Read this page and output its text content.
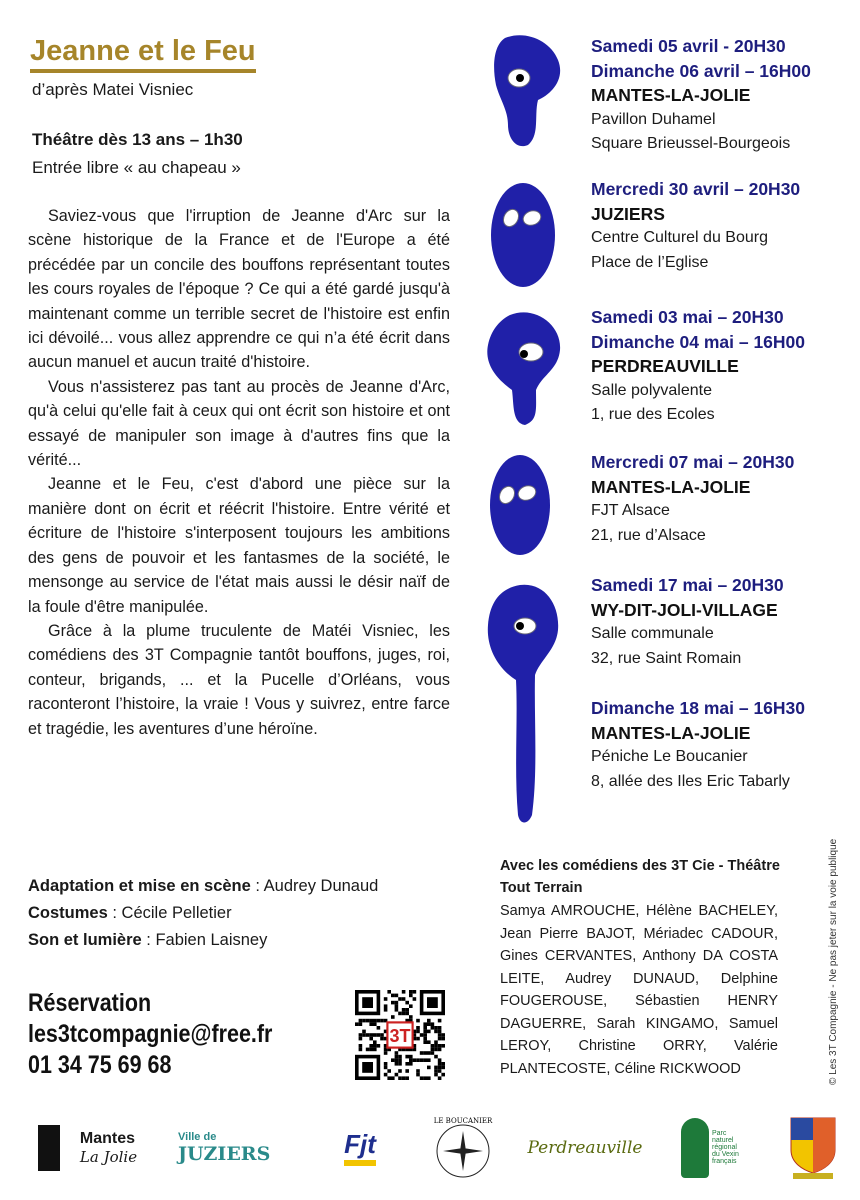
Jeanne et le Feu
d’après Matei Visniec
Théâtre dès 13 ans – 1h30
Entrée libre « au chapeau »

Saviez-vous que l'irruption de Jeanne d'Arc sur la scène historique de la France et de l'Europe a été précédée par un concile des bouffons représentant toutes les cours royales de l'époque ? Ce qui a été gardé jusqu'à maintenant comme un terrible secret de l'histoire est enfin ici dévoilé... vous allez apprendre ce qui n’a été écrit dans aucun manuel et aucun traité d'histoire.

Vous n'assisterez pas tant au procès de Jeanne d'Arc, qu'à celui qu'elle fait à ceux qui ont écrit son histoire et ont essayé de manipuler son image à d'autres fins que la vérité...

Jeanne et le Feu, c'est d'abord une pièce sur la manière dont on écrit et réécrit l'histoire. Entre vérité et écriture de l'histoire s'interposent toujours les ambitions des gens de pouvoir et les fantasmes de la société, le mensonge au service de l'état mais aussi le désir naïf de la foule d'être manipulée.

Grâce à la plume truculente de Matéi Visniec, les comédiens des 3T Compagnie tantôt bouffons, juges, roi, conteur, brigands, ... et la Pucelle d’Orléans, vous raconteront l’histoire, la vraie ! Vous y suivrez, entre farce et tragédie, les aventures d’une héroïne.

Adaptation et mise en scène : Audrey Dunaud
Costumes : Cécile Pelletier
Son et lumière : Fabien Laisney
Réservation
les3tcompagnie@free.fr
01 34 75 69 68
3T
Samedi 05 avril - 20H30
Dimanche 06 avril – 16H00
MANTES-LA-JOLIE
Pavillon Duhamel
Square Brieussel-Bourgeois
Mercredi 30 avril – 20H30
JUZIERS
Centre Culturel du Bourg
Place de l’Eglise
Samedi 03 mai – 20H30
Dimanche 04 mai – 16H00
PERDREAUVILLE
Salle polyvalente
1, rue des Ecoles
Mercredi 07 mai – 20H30
MANTES-LA-JOLIE
FJT Alsace
21, rue d’Alsace
Samedi 17 mai – 20H30
WY-DIT-JOLI-VILLAGE
Salle communale
32, rue Saint Romain
Dimanche 18 mai – 16H30
MANTES-LA-JOLIE
Péniche Le Boucanier
8, allée des Iles Eric Tabarly
Avec les comédiens des 3T Cie - Théâtre Tout Terrain
Samya AMROUCHE, Hélène BACHELEY, Jean Pierre BAJOT, Mériadec CADOUR, Gines CERVANTES, Anthony DA COSTA LEITE, Audrey DUNAUD, Delphine FOUGEROUSE, Sébastien HENRY DAGUERRE, Sarah KINGAMO, Samuel LEROY, Christine ORRY, Valérie PLANTECOSTE, Céline RICKWOOD	© Les 3T Compagnie - Ne pas jeter sur la voie publique
Mantes
La Jolie
Ville de
JUZIERS	Fjt
LE BOUCANIER
Perdreauville
Parc naturel régional du Vexin français
